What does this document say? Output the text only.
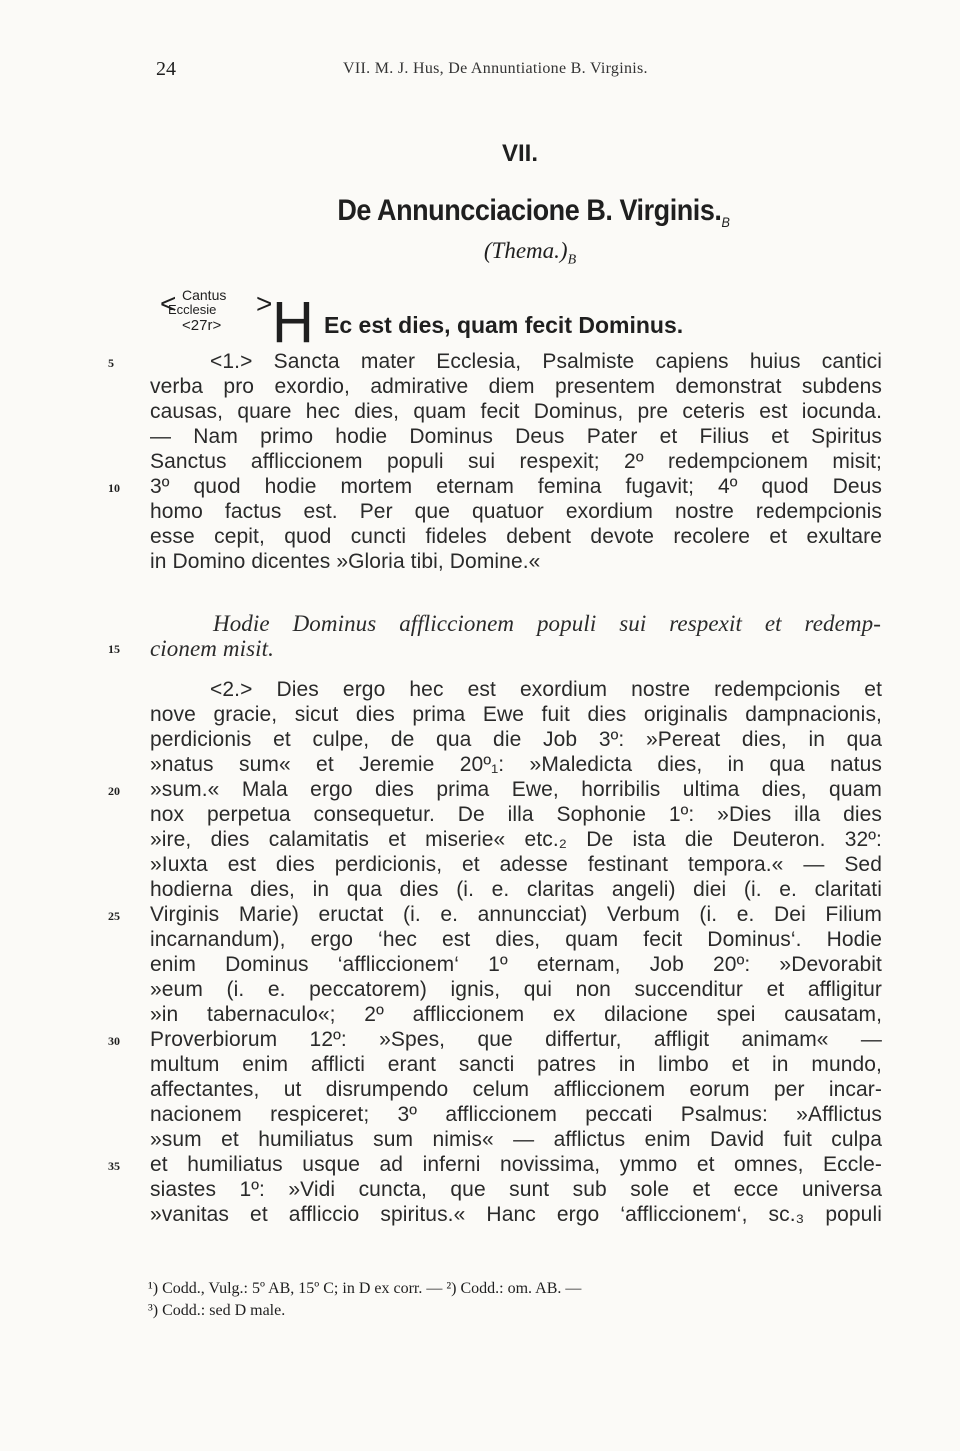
24	VII. M. J. Hus, De Annuntiatione B. Virginis.
VII.
De Annuncciacione B. $Virginis._B$
$(Thema.)_B$
< Cantus
Ecclesie >
<27r> H Ec est dies, quam fecit Dominus.
<1.> Sancta mater Ecclesia, Psalmiste capiens huius cantici
5
verba pro exordio, admirative diem presentem demonstrat subdens
causas, quare hec dies, quam fecit Dominus, pre ceteris est iocunda.
— Nam primo hodie Dominus Deus Pater et Filius et Spiritus
Sanctus affliccionem populi sui respexit; 2º redempcionem misit;
3º quod hodie mortem eternam femina fugavit; 4º quod Deus
10
homo factus est. Per que quatuor exordium nostre redempcionis
esse cepit, quod cuncti fideles debent devote recolere et exultare
in Domino dicentes »Gloria tibi, Domine.«
Hodie Dominus affliccionem populi sui respexit et redemp-
cionem misit.
15
<2.> Dies ergo hec est exordium nostre redempcionis et
nove gracie, sicut dies prima Ewe fuit dies originalis dampnacionis,
perdicionis et culpe, de qua die Job 3º: »Pereat dies, in qua
»natus sum« et Jeremie 20º₁: »Maledicta dies, in qua natus
»sum.« Mala ergo dies prima Ewe, horribilis ultima dies, quam
20
nox perpetua consequetur. De illa Sophonie 1º: »Dies illa dies
»ire, dies calamitatis et miserie« etc.₂ De ista die Deuteron. 32º:
»Iuxta est dies perdicionis, et adesse festinant tempora.« — Sed
hodierna dies, in qua dies (i. e. claritas angeli) diei (i. e. claritati
Virginis Marie) eructat (i. e. annuncciat) Verbum (i. e. Dei Filium
25
incarnandum), ergo ‘hec est dies, quam fecit Dominus‘. Hodie
enim Dominus ‘affliccionem‘ 1º eternam, Job 20º: »Devorabit
»eum (i. e. peccatorem) ignis, qui non succenditur et affligitur
»in tabernaculo«; 2º affliccionem ex dilacione spei causatam,
Proverbiorum 12º: »Spes, que differtur, affligit animam« —
30
multum enim afflicti erant sancti patres in limbo et in mundo,
affectantes, ut disrumpendo celum affliccionem eorum per incar-
nacionem respiceret; 3º affliccionem peccati Psalmus: »Afflictus
»sum et humiliatus sum nimis« — afflictus enim David fuit culpa
et humiliatus usque ad inferni novissima, ymmo et omnes, Eccle-
35
siastes 1º: »Vidi cuncta, que sunt sub sole et ecce universa
»vanitas et affliccio spiritus.« Hanc ergo ‘affliccionem‘, sc.₃ populi
¹) Codd., Vulg.: 5º AB, 15º C; in D ex corr. — ²) Codd.: om. AB. —
³) Codd.: sed D male.
